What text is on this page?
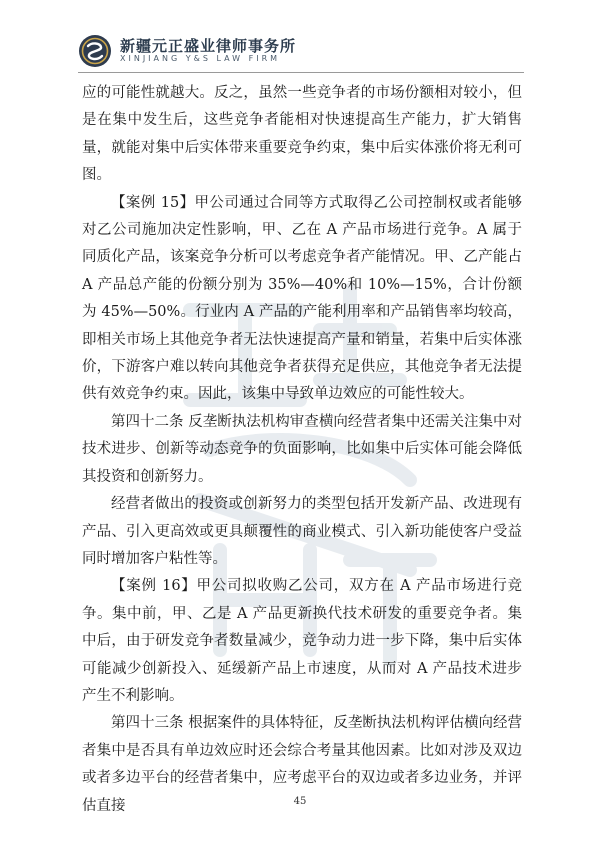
新疆元正盛业律师事务所
XINJIANG Y&S LAW FIRM

应的可能性就越大。反之，虽然一些竞争者的市场份额相对较小，但是在集中发生后，这些竞争者能相对快速提高生产能力，扩大销售量，就能对集中后实体带来重要竞争约束，集中后实体涨价将无利可图。

【案例 15】甲公司通过合同等方式取得乙公司控制权或者能够对乙公司施加决定性影响，甲、乙在 A 产品市场进行竞争。A 属于同质化产品，该案竞争分析可以考虑竞争者产能情况。甲、乙产能占 A 产品总产能的份额分别为 35%—40%和 10%—15%，合计份额为 45%—50%。行业内 A 产品的产能利用率和产品销售率均较高，即相关市场上其他竞争者无法快速提高产量和销量，若集中后实体涨价，下游客户难以转向其他竞争者获得充足供应，其他竞争者无法提供有效竞争约束。因此，该集中导致单边效应的可能性较大。

第四十二条 反垄断执法机构审查横向经营者集中还需关注集中对技术进步、创新等动态竞争的负面影响，比如集中后实体可能会降低其投资和创新努力。

经营者做出的投资或创新努力的类型包括开发新产品、改进现有产品、引入更高效或更具颠覆性的商业模式、引入新功能使客户受益同时增加客户粘性等。

【案例 16】甲公司拟收购乙公司，双方在 A 产品市场进行竞争。集中前，甲、乙是 A 产品更新换代技术研发的重要竞争者。集中后，由于研发竞争者数量减少，竞争动力进一步下降，集中后实体可能减少创新投入、延缓新产品上市速度，从而对 A 产品技术进步产生不利影响。

第四十三条 根据案件的具体特征，反垄断执法机构评估横向经营者集中是否具有单边效应时还会综合考量其他因素。比如对涉及双边或者多边平台的经营者集中，应考虑平台的双边或者多边业务，并评估直接	45
